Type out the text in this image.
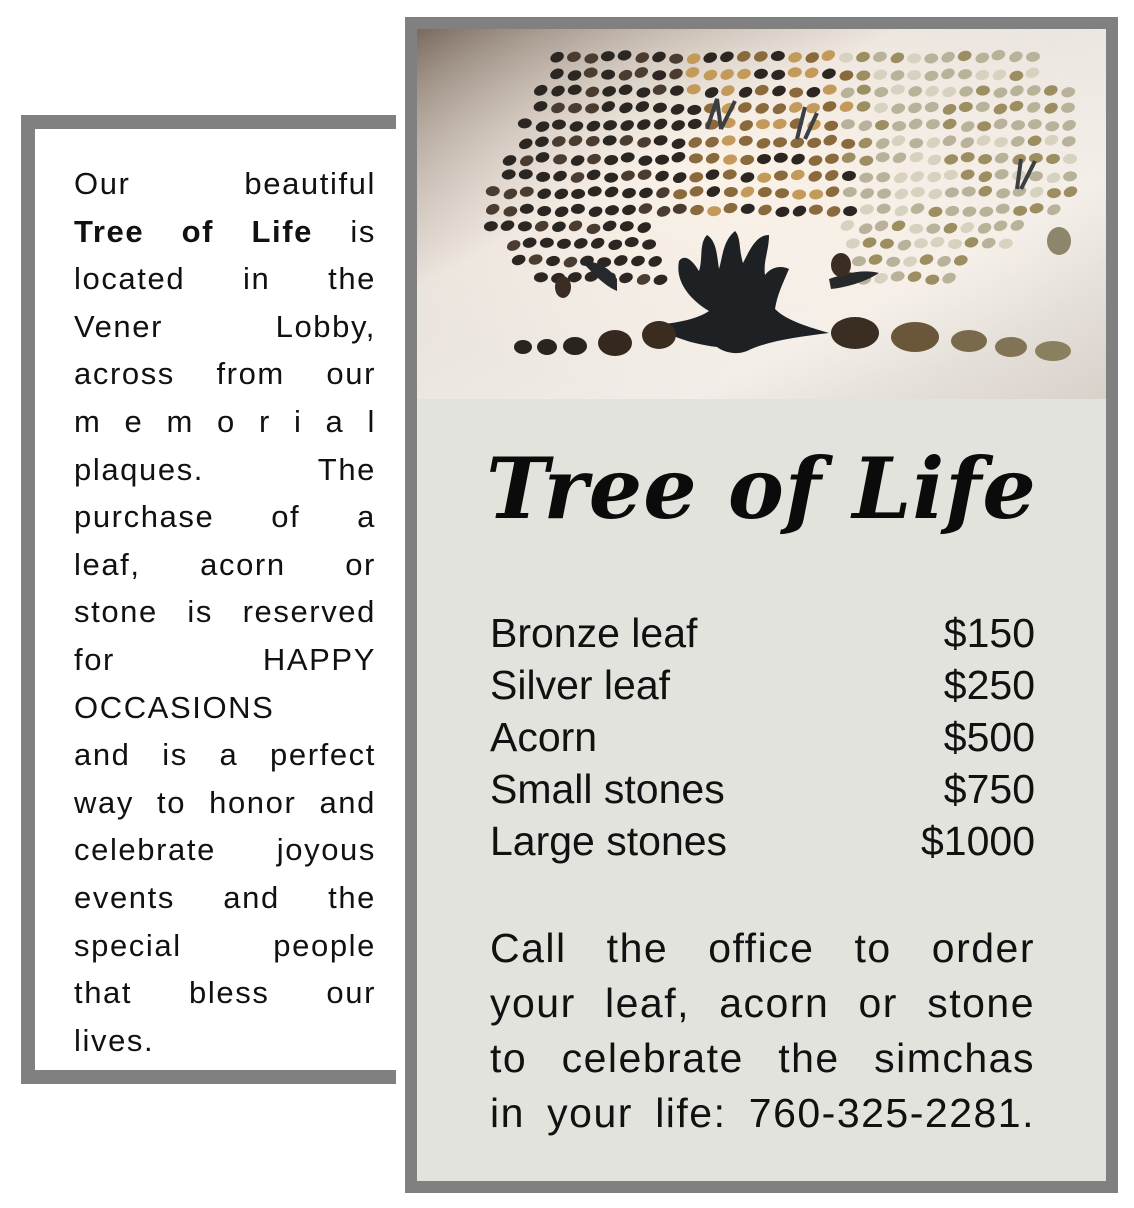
Our beautiful
Tree of Life is
located in the
Vener Lobby,
across from our
m e m o r i a l
plaques. The
purchase of a
leaf, acorn or
stone is reserved
for HAPPY
OCCASIONS
and is a perfect
way to honor and
celebrate joyous
events and the
special people
that bless our
lives.
Tree of Life
Bronze leaf	$150
Silver leaf	$250
Acorn	$500
Small stones	$750
Large stones	$1000
Call the office to order
your leaf, acorn or stone
to celebrate the simchas
in your life: 760-325-2281.
